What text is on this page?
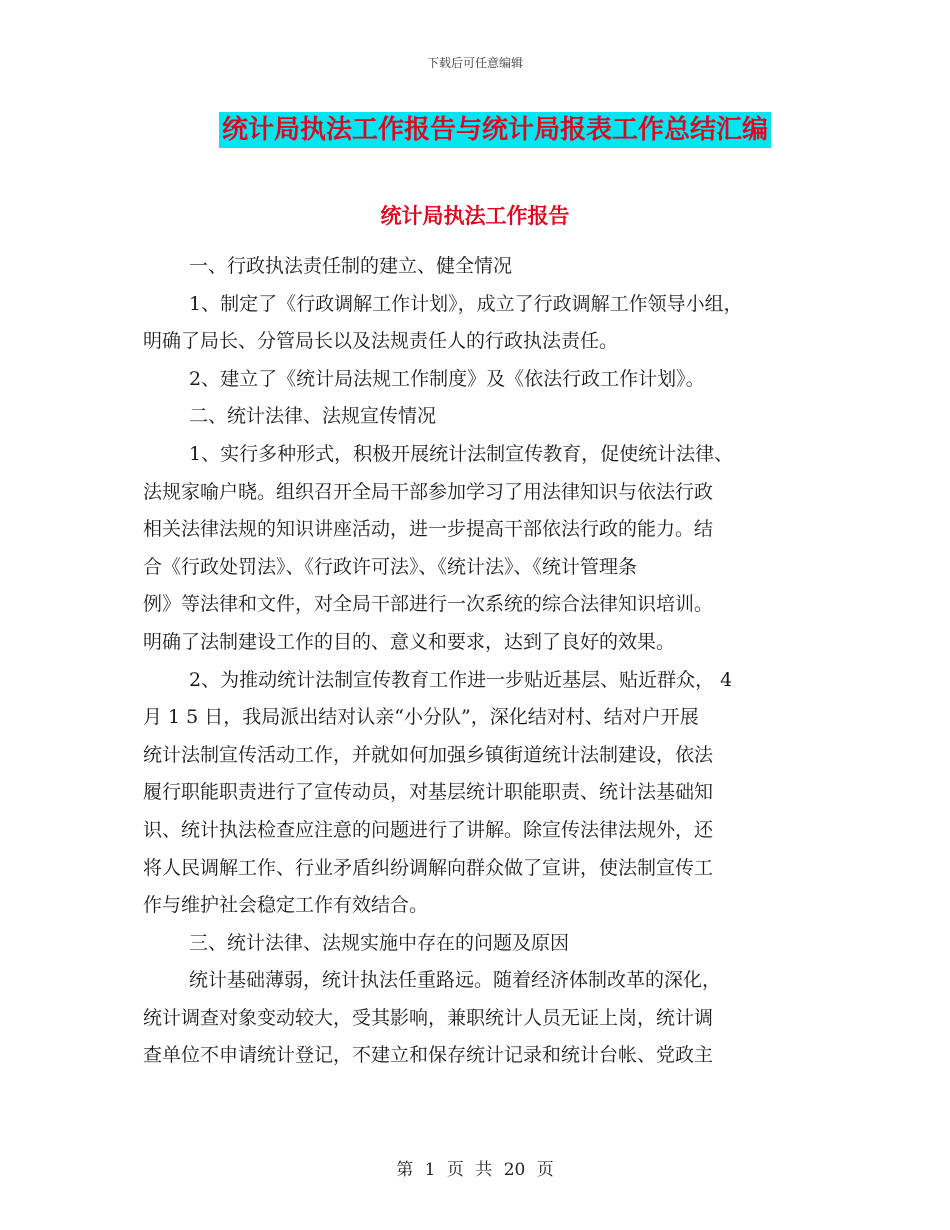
下载后可任意编辑
统计局执法工作报告与统计局报表工作总结汇编
统计局执法工作报告
一、行政执法责任制的建立、健全情况
1、制定了《行政调解工作计划》，成立了行政调解工作领导小组，
明确了局长、分管局长以及法规责任人的行政执法责任。
2、建立了《统计局法规工作制度》及《依法行政工作计划》。
二、统计法律、法规宣传情况
1、实行多种形式，积极开展统计法制宣传教育，促使统计法律、
法规家喻户晓。组织召开全局干部参加学习了用法律知识与依法行政
相关法律法规的知识讲座活动，进一步提高干部依法行政的能力。结
合《行政处罚法》、《行政许可法》、《统计法》、《统计管理条
例》等法律和文件，对全局干部进行一次系统的综合法律知识培训。
明确了法制建设工作的目的、意义和要求，达到了良好的效果。
2、为推动统计法制宣传教育工作进一步贴近基层、贴近群众， 4
月 1 5 日，我局派出结对认亲“小分队”，深化结对村、结对户开展
统计法制宣传活动工作，并就如何加强乡镇街道统计法制建设，依法
履行职能职责进行了宣传动员，对基层统计职能职责、统计法基础知
识、统计执法检查应注意的问题进行了讲解。除宣传法律法规外，还
将人民调解工作、行业矛盾纠纷调解向群众做了宣讲，使法制宣传工
作与维护社会稳定工作有效结合。
三、统计法律、法规实施中存在的问题及原因
统计基础薄弱，统计执法任重路远。随着经济体制改革的深化，
统计调查对象变动较大，受其影响，兼职统计人员无证上岗，统计调
查单位不申请统计登记，不建立和保存统计记录和统计台帐、党政主
第 1 页 共 20 页
